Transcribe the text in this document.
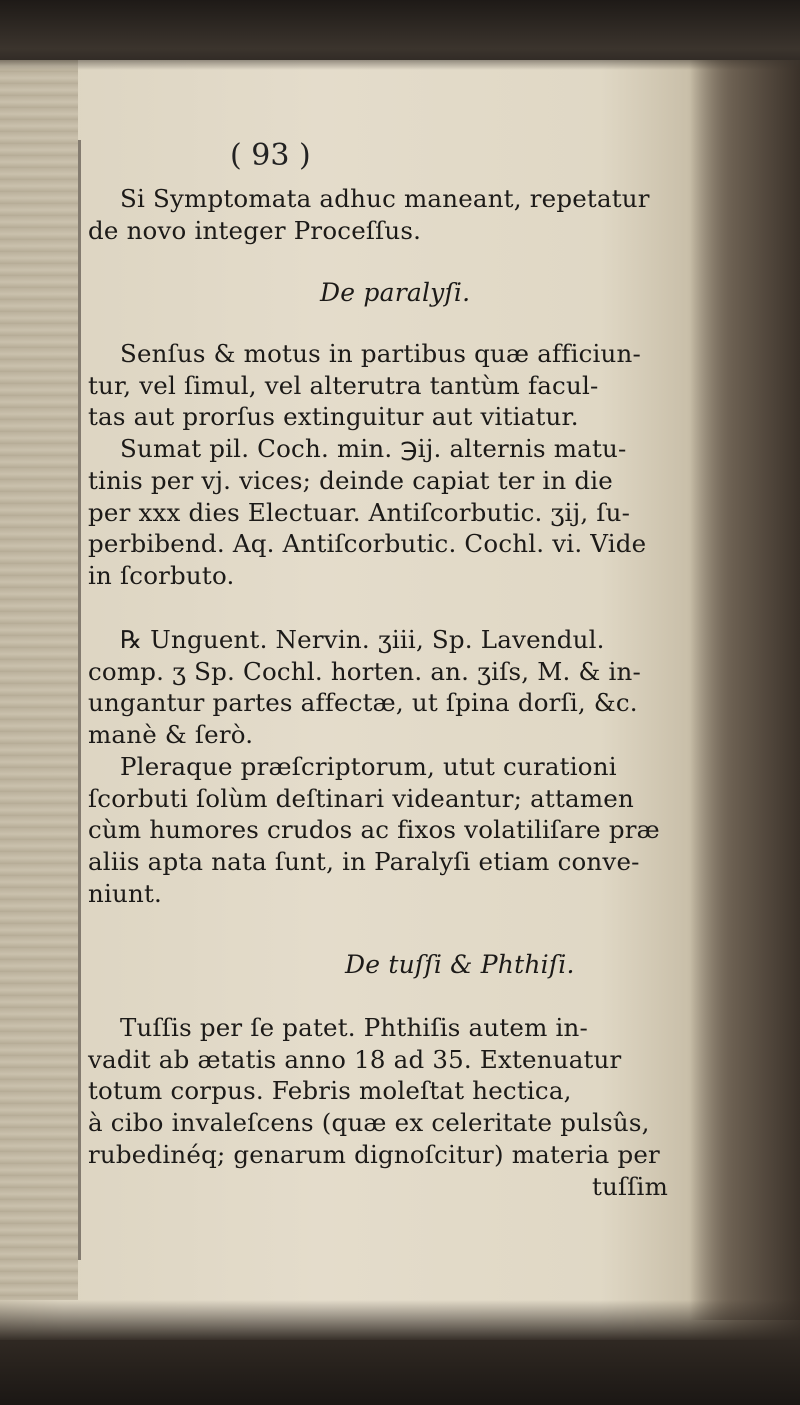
( 93 )
Si Symptomata adhuc maneant, repetatur
de novo integer Proceſſus.
De paralyſi.
Senſus & motus in partibus quæ afficiun-
tur, vel ſimul, vel alterutra tantùm facul-
tas aut prorſus extinguitur aut vitiatur.
Sumat pil. Coch. min. ℈ij. alternis matu-
tinis per vj. vices; deinde capiat ter in die
per xxx dies Electuar. Antiſcorbutic. ʒij, ſu-
perbibend. Aq. Antiſcorbutic. Cochl. vi. Vide
in ſcorbuto.
℞ Unguent. Nervin. ʒiii, Sp. Lavendul.
comp. ʒ Sp. Cochl. horten. an. ʒiſs, M. & in-
ungantur partes affectæ, ut ſpina dorſi, &c.
manè & ſerò.
Pleraque præſcriptorum, utut curationi
ſcorbuti ſolùm deſtinari videantur; attamen
cùm humores crudos ac fixos volatiliſare præ
aliis apta nata ſunt, in Paralyſi etiam conve-
niunt.
De tuſſi & Phthiſi.
Tuſſis per ſe patet. Phthiſis autem in-
vadit ab ætatis anno 18 ad 35. Extenuatur
totum corpus. Febris moleſtat hectica,
à cibo invaleſcens (quæ ex celeritate pulsûs,
rubedinéq; genarum dignoſcitur) materia per
tuſſim
